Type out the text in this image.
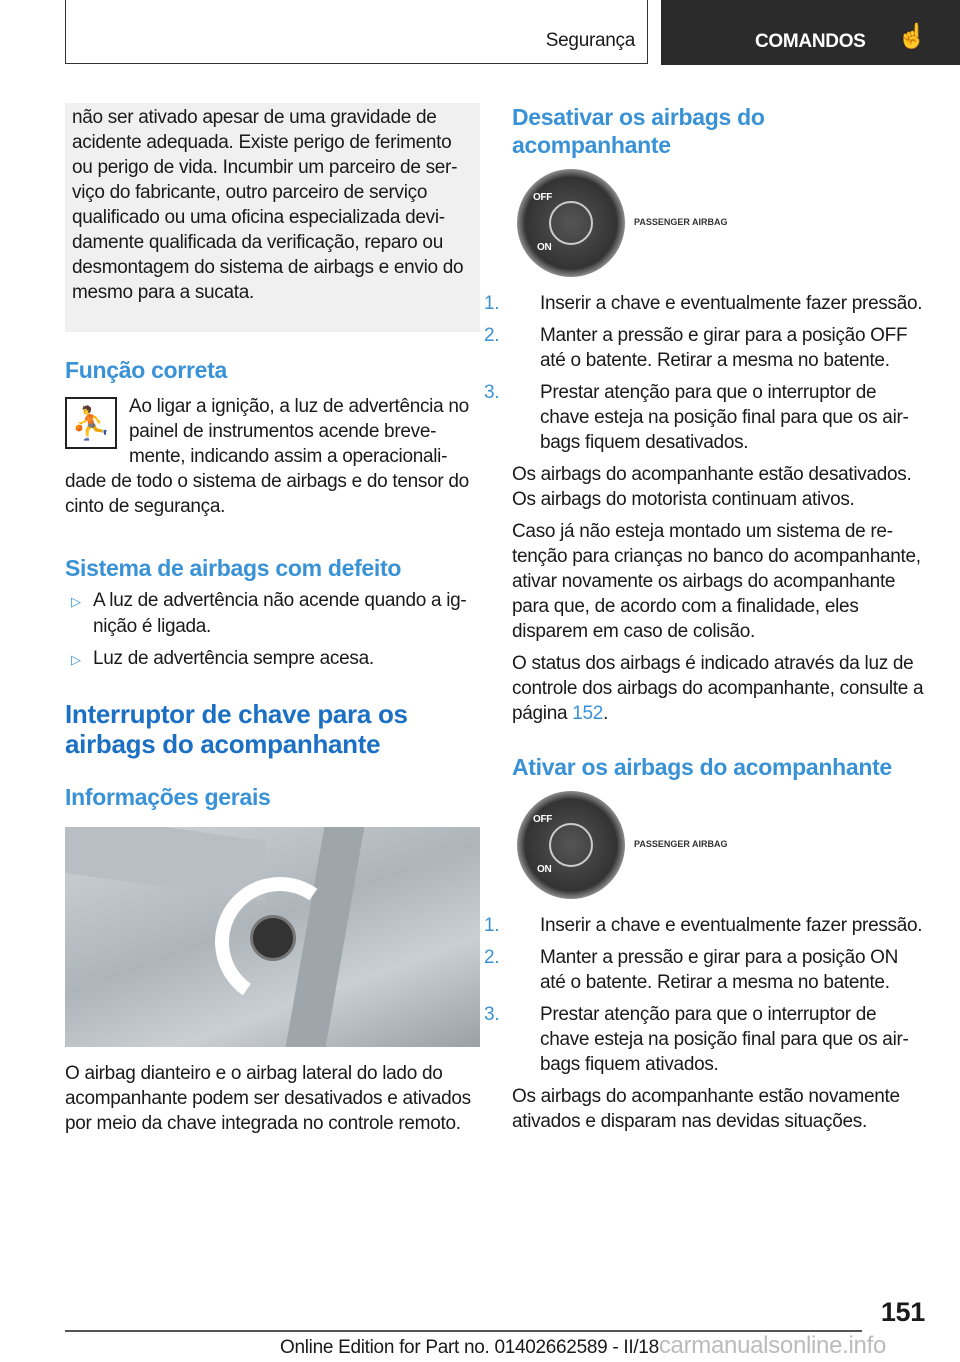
Segurança	COMANDOS ☝

não ser ativado apesar de uma gravidade de acidente adequada. Existe perigo de ferimento ou perigo de vida. Incumbir um parceiro de serviço do fabricante, outro parceiro de serviço qualificado ou uma oficina especializada devidamente qualificada da verificação, reparo ou desmontagem do sistema de airbags e envio do mesmo para a sucata.

Função correta
⛹ Ao ligar a ignição, a luz de advertência no painel de instrumentos acende brevemente, indicando assim a operacionalidade de todo o sistema de airbags e do tensor do cinto de segurança.

Sistema de airbags com defeito
▷ A luz de advertência não acende quando a ignição é ligada.
▷ Luz de advertência sempre acesa.
Interruptor de chave para os airbags do acompanhante
Informações gerais

O airbag dianteiro e o airbag lateral do lado do acompanhante podem ser desativados e ativados por meio da chave integrada no controle remoto.

Desativar os airbags do acompanhante
OFF
ON
PASSENGER AIRBAG
1. Inserir a chave e eventualmente fazer pressão.
2. Manter a pressão e girar para a posição OFF até o batente. Retirar a mesma no batente.
3. Prestar atenção para que o interruptor de chave esteja na posição final para que os airbags fiquem desativados.

Os airbags do acompanhante estão desativados. Os airbags do motorista continuam ativos.

Caso já não esteja montado um sistema de retenção para crianças no banco do acompanhante, ativar novamente os airbags do acompanhante para que, de acordo com a finalidade, eles disparem em caso de colisão.

O status dos airbags é indicado através da luz de controle dos airbags do acompanhante, consulte a página 152.

Ativar os airbags do acompanhante
OFF
ON
PASSENGER AIRBAG
1. Inserir a chave e eventualmente fazer pressão.
2. Manter a pressão e girar para a posição ON até o batente. Retirar a mesma no batente.
3. Prestar atenção para que o interruptor de chave esteja na posição final para que os airbags fiquem ativados.

Os airbags do acompanhante estão novamente ativados e disparam nas devidas situações.

151
Online Edition for Part no. 01402662589 - II/18carmanualsonline.info
